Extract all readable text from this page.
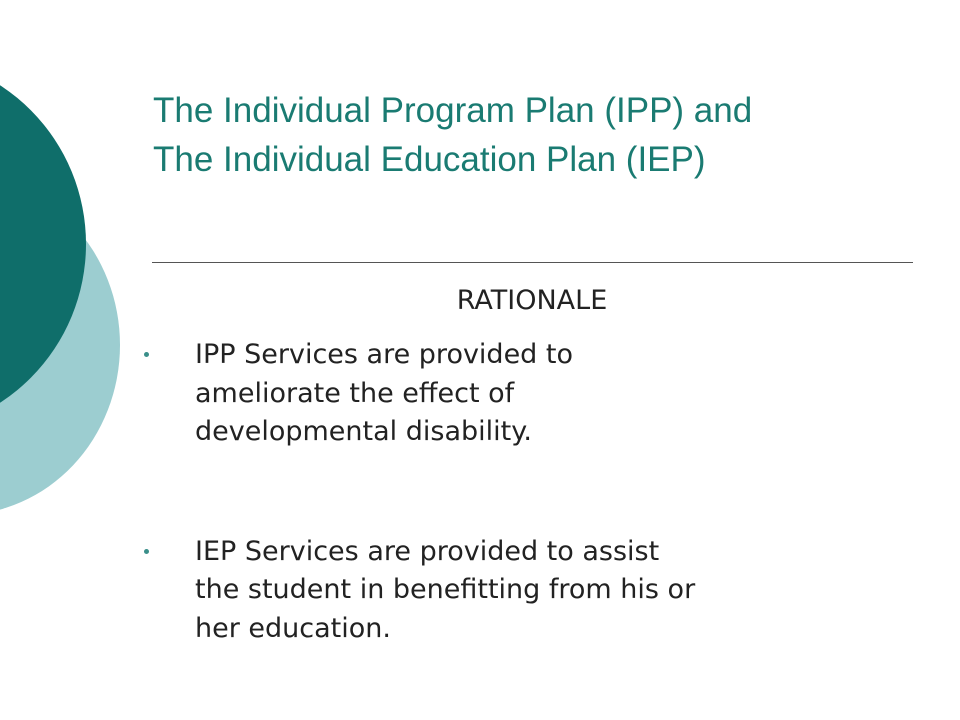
The Individual Program Plan (IPP) and
The Individual Education Plan (IEP)
RATIONALE
IPP Services are provided to
ameliorate the effect of
developmental disability.
IEP Services are provided to assist
the student in benefitting from his or
her education.
